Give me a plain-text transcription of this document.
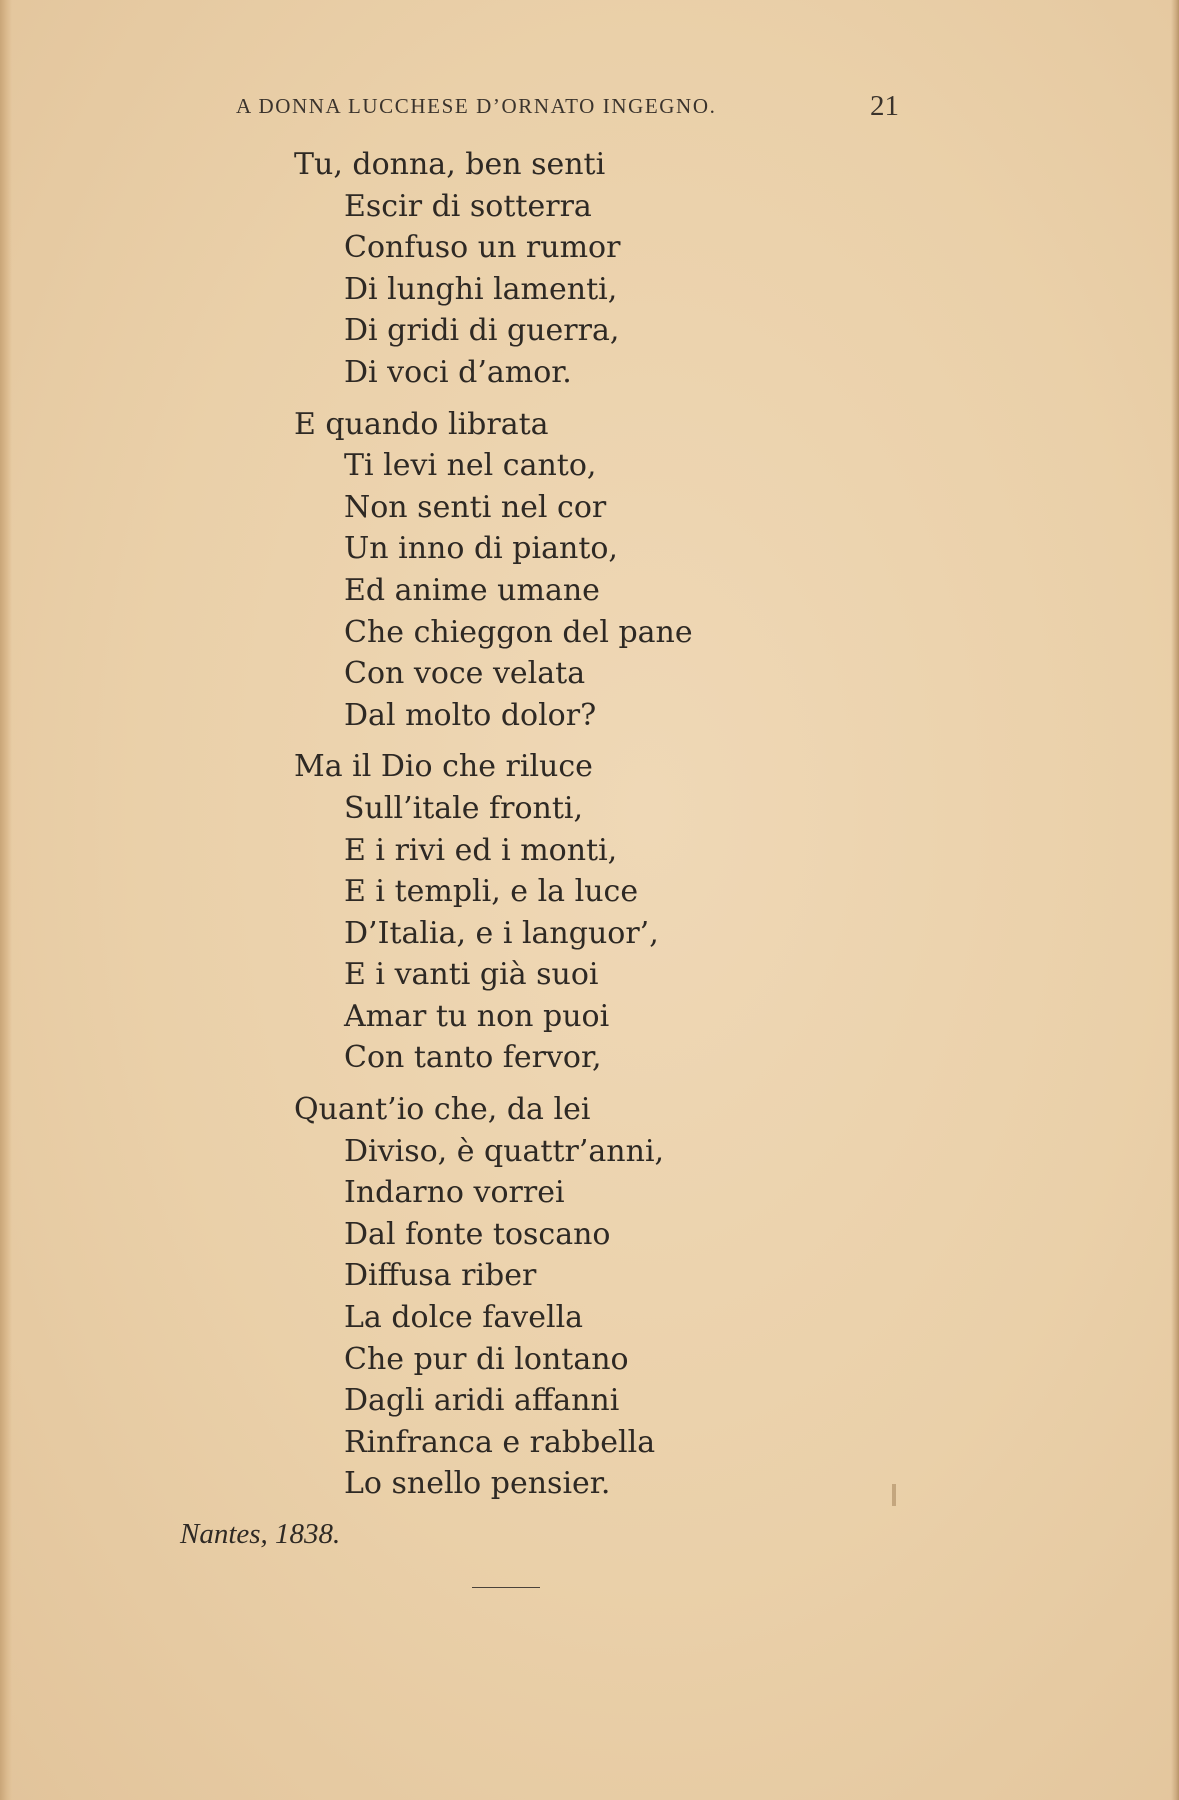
A DONNA LUCCHESE D’ORNATO INGEGNO.	21
Tu, donna, ben senti
Escir di sotterra
Confuso un rumor
Di lunghi lamenti,
Di gridi di guerra,
Di voci d’amor.
E quando librata
Ti levi nel canto,
Non senti nel cor
Un inno di pianto,
Ed anime umane
Che chieggon del pane
Con voce velata
Dal molto dolor?
Ma il Dio che riluce
Sull’itale fronti,
E i rivi ed i monti,
E i templi, e la luce
D’Italia, e i languor’,
E i vanti già suoi
Amar tu non puoi
Con tanto fervor,
Quant’io che, da lei
Diviso, è quattr’anni,
Indarno vorrei
Dal fonte toscano
Diffusa riber
La dolce favella
Che pur di lontano
Dagli aridi affanni
Rinfranca e rabbella
Lo snello pensier.
Nantes, 1838.
